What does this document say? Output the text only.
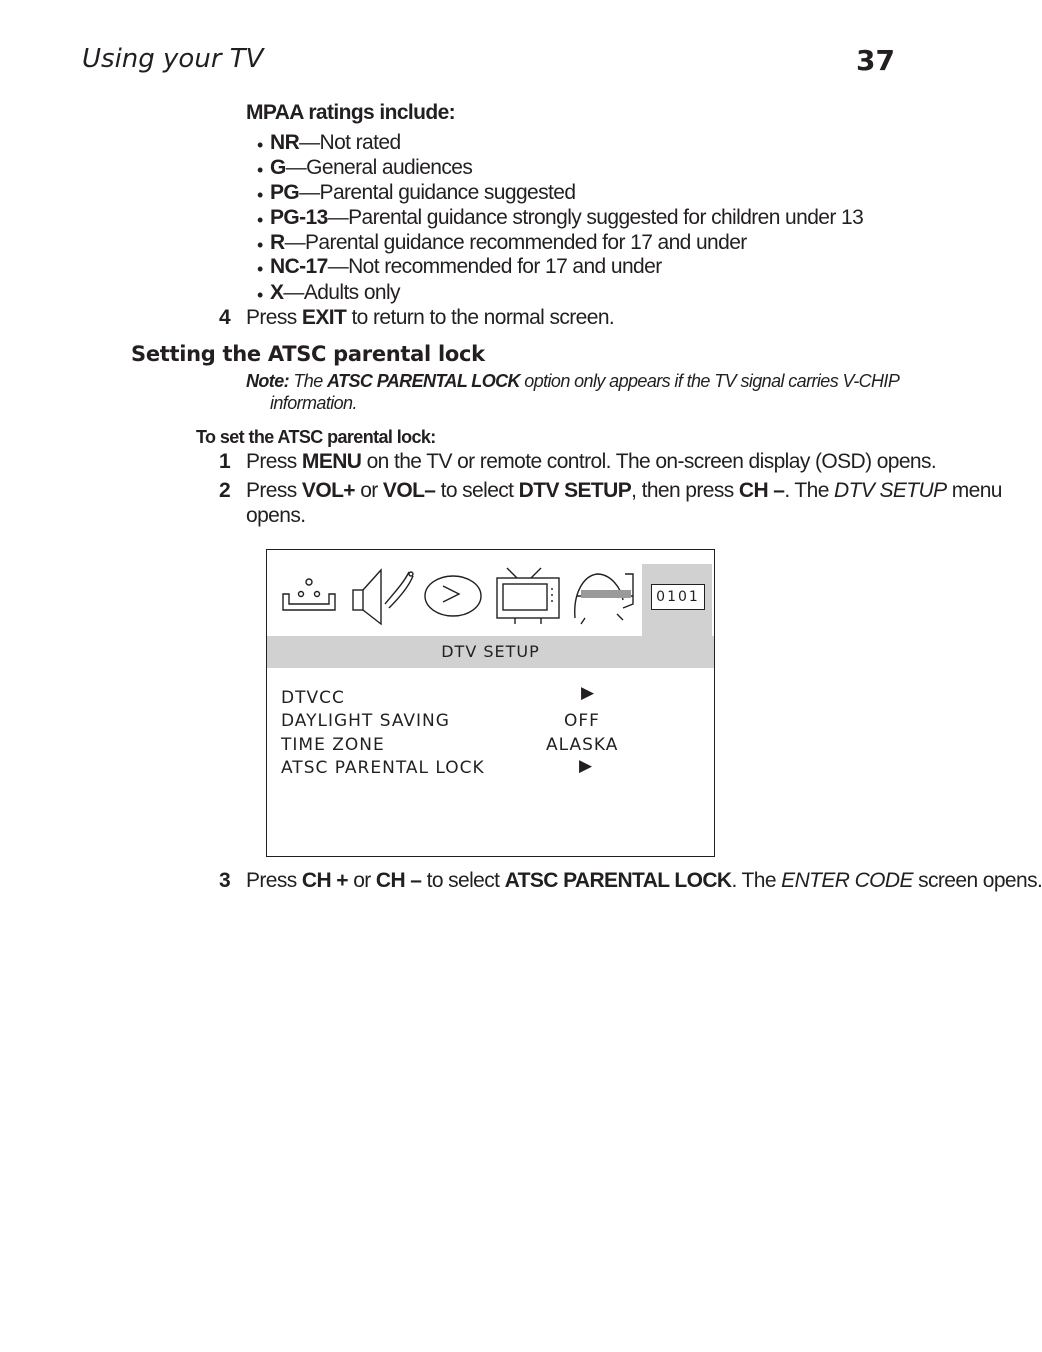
Using your TV	37
MPAA ratings include:
• NR—Not rated
• G—General audiences
• PG—Parental guidance suggested
• PG-13—Parental guidance strongly suggested for children under 13
• R—Parental guidance recommended for 17 and under
• NC-17—Not recommended for 17 and under
• X—Adults only
4 Press EXIT to return to the normal screen.
Setting the ATSC parental lock
Note: The ATSC PARENTAL LOCK option only appears if the TV signal carries V-CHIP
information.
To set the ATSC parental lock:
1 Press MENU on the TV or remote control. The on-screen display (OSD) opens.
2 Press VOL+ or VOL– to select DTV SETUP, then press CH –. The DTV SETUP menu
opens.
0101
DTV SETUP
DTVCC	▶
DAYLIGHT SAVING	OFF
TIME ZONE	ALASKA
ATSC PARENTAL LOCK	▶
3 Press CH + or CH – to select ATSC PARENTAL LOCK. The ENTER CODE screen opens.
